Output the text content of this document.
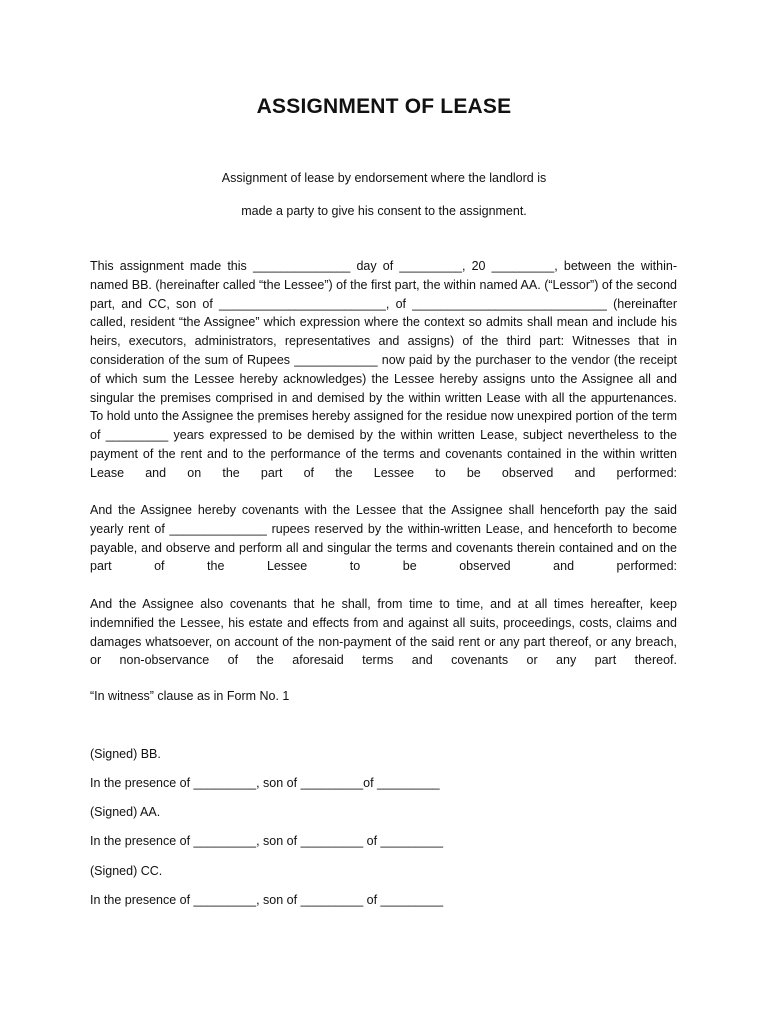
ASSIGNMENT OF LEASE
Assignment of lease by endorsement where the landlord is
made a party to give his consent to the assignment.

This assignment made this ______________ day of _________, 20 _________, between the within-named BB. (hereinafter called “the Lessee”) of the first part, the within named AA. (“Lessor”) of the second part, and CC, son of ________________________, of ____________________________ (hereinafter called, resident “the Assignee” which expression where the context so admits shall mean and include his heirs, executors, administrators, representatives and assigns) of the third part: Witnesses that in consideration of the sum of Rupees ____________ now paid by the purchaser to the vendor (the receipt of which sum the Lessee hereby acknowledges) the Lessee hereby assigns unto the Assignee all and singular the premises comprised in and demised by the within written Lease with all the appurtenances. To hold unto the Assignee the premises hereby assigned for the residue now unexpired portion of the term of _________ years expressed to be demised by the within written Lease, subject nevertheless to the payment of the rent and to the performance of the terms and covenants contained in the within written Lease and on the part of the Lessee to be observed and performed:

And the Assignee hereby covenants with the Lessee that the Assignee shall henceforth pay the said yearly rent of ______________ rupees reserved by the within-written Lease, and henceforth to become payable, and observe and perform all and singular the terms and covenants therein contained and on the part of the Lessee to be observed and performed:

And the Assignee also covenants that he shall, from time to time, and at all times hereafter, keep indemnified the Lessee, his estate and effects from and against all suits, proceedings, costs, claims and damages whatsoever, on account of the non-payment of the said rent or any part thereof, or any breach, or non-observance of the aforesaid terms and covenants or any part thereof.

“In witness” clause as in Form No. 1

(Signed) BB.

In the presence of _________, son of _________of _________

(Signed) AA.

In the presence of _________, son of _________ of _________

(Signed) CC.

In the presence of _________, son of _________ of _________
